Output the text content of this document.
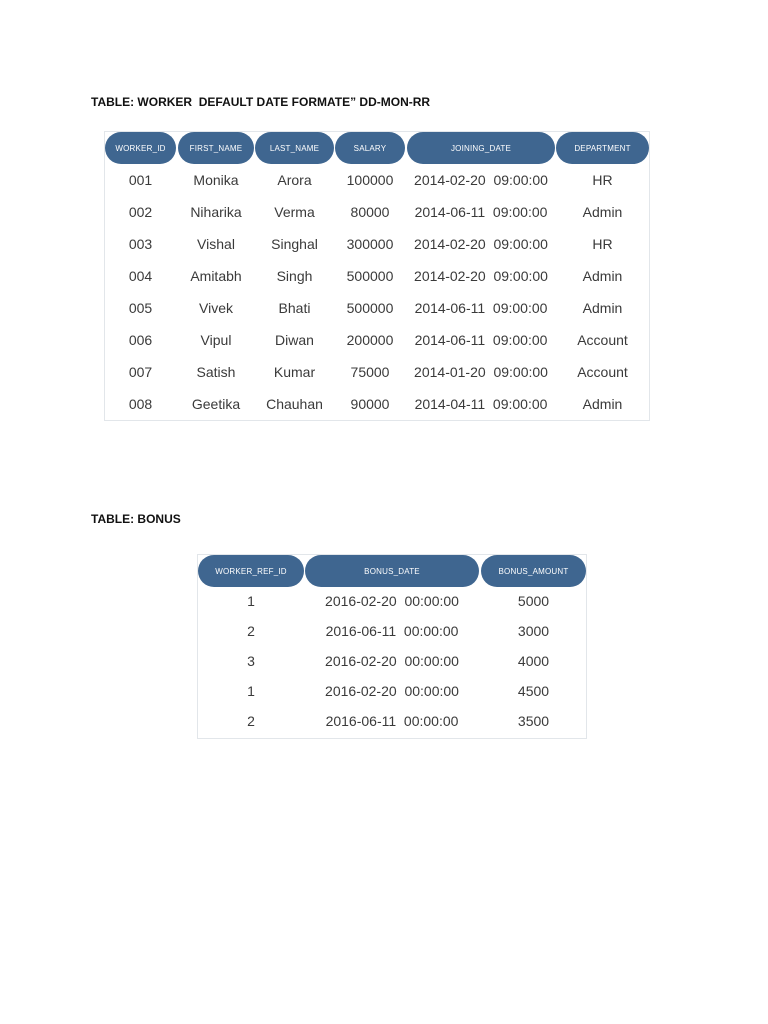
TABLE: WORKER  DEFAULT DATE FORMATE” DD-MON-RR
WORKER_ID	FIRST_NAME	LAST_NAME	SALARY	JOINING_DATE	DEPARTMENT
001	Monika	Arora	100000	2014-02-20  09:00:00	HR
002	Niharika	Verma	80000	2014-06-11  09:00:00	Admin
003	Vishal	Singhal	300000	2014-02-20  09:00:00	HR
004	Amitabh	Singh	500000	2014-02-20  09:00:00	Admin
005	Vivek	Bhati	500000	2014-06-11  09:00:00	Admin
006	Vipul	Diwan	200000	2014-06-11  09:00:00	Account
007	Satish	Kumar	75000	2014-01-20  09:00:00	Account
008	Geetika	Chauhan	90000	2014-04-11  09:00:00	Admin
TABLE: BONUS
WORKER_REF_ID	BONUS_DATE	BONUS_AMOUNT
1	2016-02-20  00:00:00	5000
2	2016-06-11  00:00:00	3000
3	2016-02-20  00:00:00	4000
1	2016-02-20  00:00:00	4500
2	2016-06-11  00:00:00	3500
